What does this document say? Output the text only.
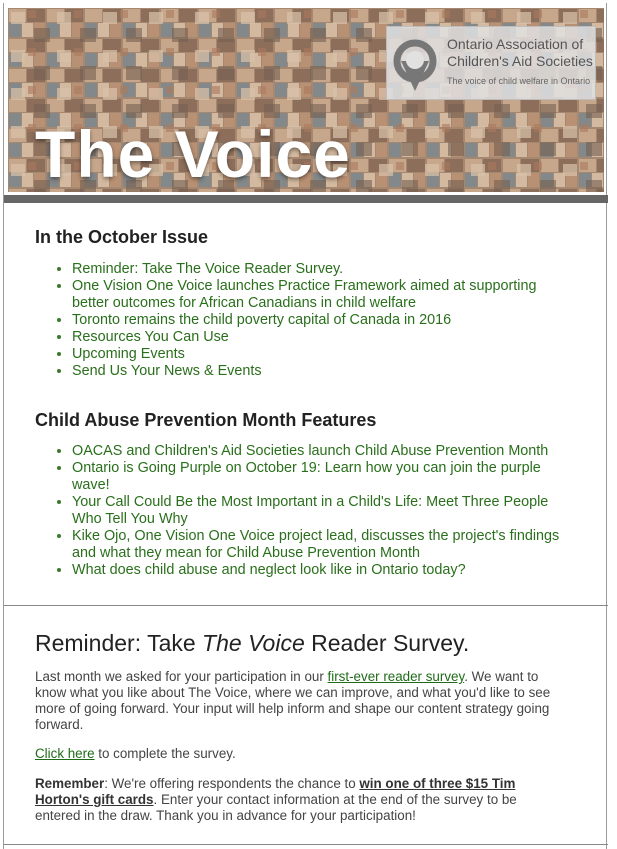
Ontario Association of
Children's Aid Societies
The voice of child welfare in Ontario
The Voice
In the October Issue
• Reminder: Take The Voice Reader Survey.
• One Vision One Voice launches Practice Framework aimed at supporting better outcomes for African Canadians in child welfare
• Toronto remains the child poverty capital of Canada in 2016
• Resources You Can Use
• Upcoming Events
• Send Us Your News & Events
Child Abuse Prevention Month Features
• OACAS and Children's Aid Societies launch Child Abuse Prevention Month
• Ontario is Going Purple on October 19: Learn how you can join the purple wave!
• Your Call Could Be the Most Important in a Child's Life: Meet Three People Who Tell You Why
• Kike Ojo, One Vision One Voice project lead, discusses the project's findings and what they mean for Child Abuse Prevention Month
• What does child abuse and neglect look like in Ontario today?
Reminder: Take The Voice Reader Survey.

Last month we asked for your participation in our first-ever reader survey. We want to know what you like about The Voice, where we can improve, and what you'd like to see more of going forward. Your input will help inform and shape our content strategy going forward.

Click here to complete the survey.

Remember: We're offering respondents the chance to win one of three $15 Tim Horton's gift cards. Enter your contact information at the end of the survey to be entered in the draw. Thank you in advance for your participation!
